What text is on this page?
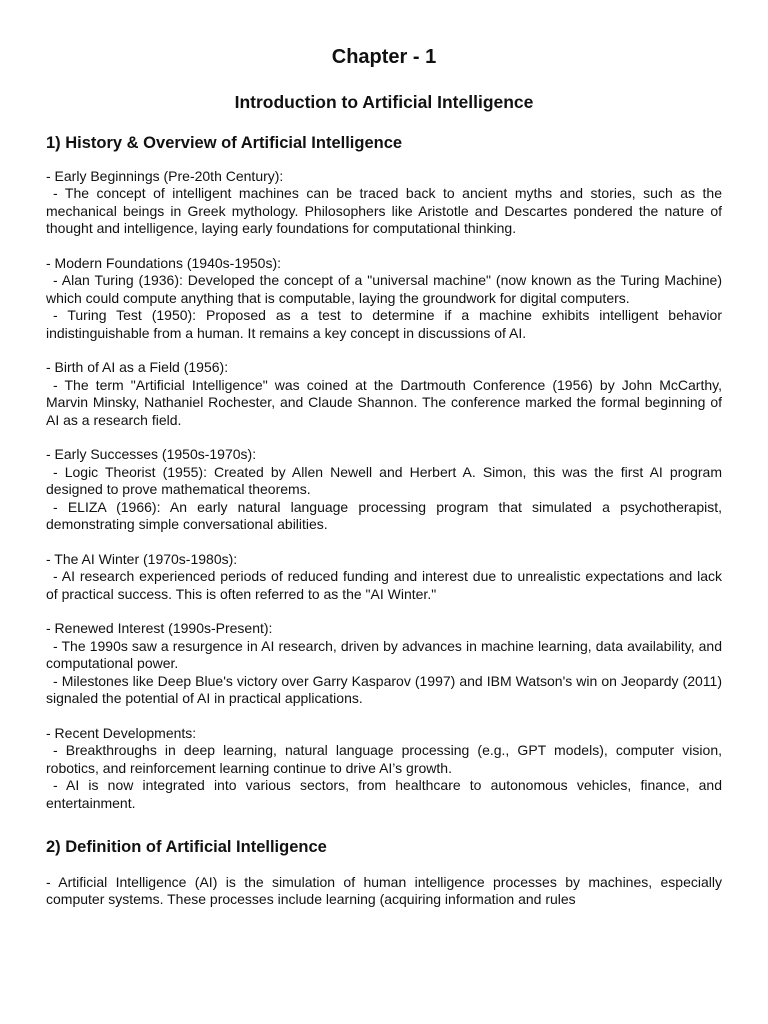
Chapter - 1
Introduction to Artificial Intelligence
1) History & Overview of Artificial Intelligence

- Early Beginnings (Pre-20th Century):

- The concept of intelligent machines can be traced back to ancient myths and stories, such as the mechanical beings in Greek mythology. Philosophers like Aristotle and Descartes pondered the nature of thought and intelligence, laying early foundations for computational thinking.

- Modern Foundations (1940s-1950s):

- Alan Turing (1936): Developed the concept of a "universal machine" (now known as the Turing Machine) which could compute anything that is computable, laying the groundwork for digital computers.

- Turing Test (1950): Proposed as a test to determine if a machine exhibits intelligent behavior indistinguishable from a human. It remains a key concept in discussions of AI.

- Birth of AI as a Field (1956):

- The term "Artificial Intelligence" was coined at the Dartmouth Conference (1956) by John McCarthy, Marvin Minsky, Nathaniel Rochester, and Claude Shannon. The conference marked the formal beginning of AI as a research field.

- Early Successes (1950s-1970s):

- Logic Theorist (1955): Created by Allen Newell and Herbert A. Simon, this was the first AI program designed to prove mathematical theorems.

- ELIZA (1966): An early natural language processing program that simulated a psychotherapist, demonstrating simple conversational abilities.

- The AI Winter (1970s-1980s):

- AI research experienced periods of reduced funding and interest due to unrealistic expectations and lack of practical success. This is often referred to as the "AI Winter."

- Renewed Interest (1990s-Present):

- The 1990s saw a resurgence in AI research, driven by advances in machine learning, data availability, and computational power.

- Milestones like Deep Blue's victory over Garry Kasparov (1997) and IBM Watson's win on Jeopardy (2011) signaled the potential of AI in practical applications.

- Recent Developments:

- Breakthroughs in deep learning, natural language processing (e.g., GPT models), computer vision, robotics, and reinforcement learning continue to drive AI’s growth.

- AI is now integrated into various sectors, from healthcare to autonomous vehicles, finance, and entertainment.

2) Definition of Artificial Intelligence

- Artificial Intelligence (AI) is the simulation of human intelligence processes by machines, especially computer systems. These processes include learning (acquiring information and rules
